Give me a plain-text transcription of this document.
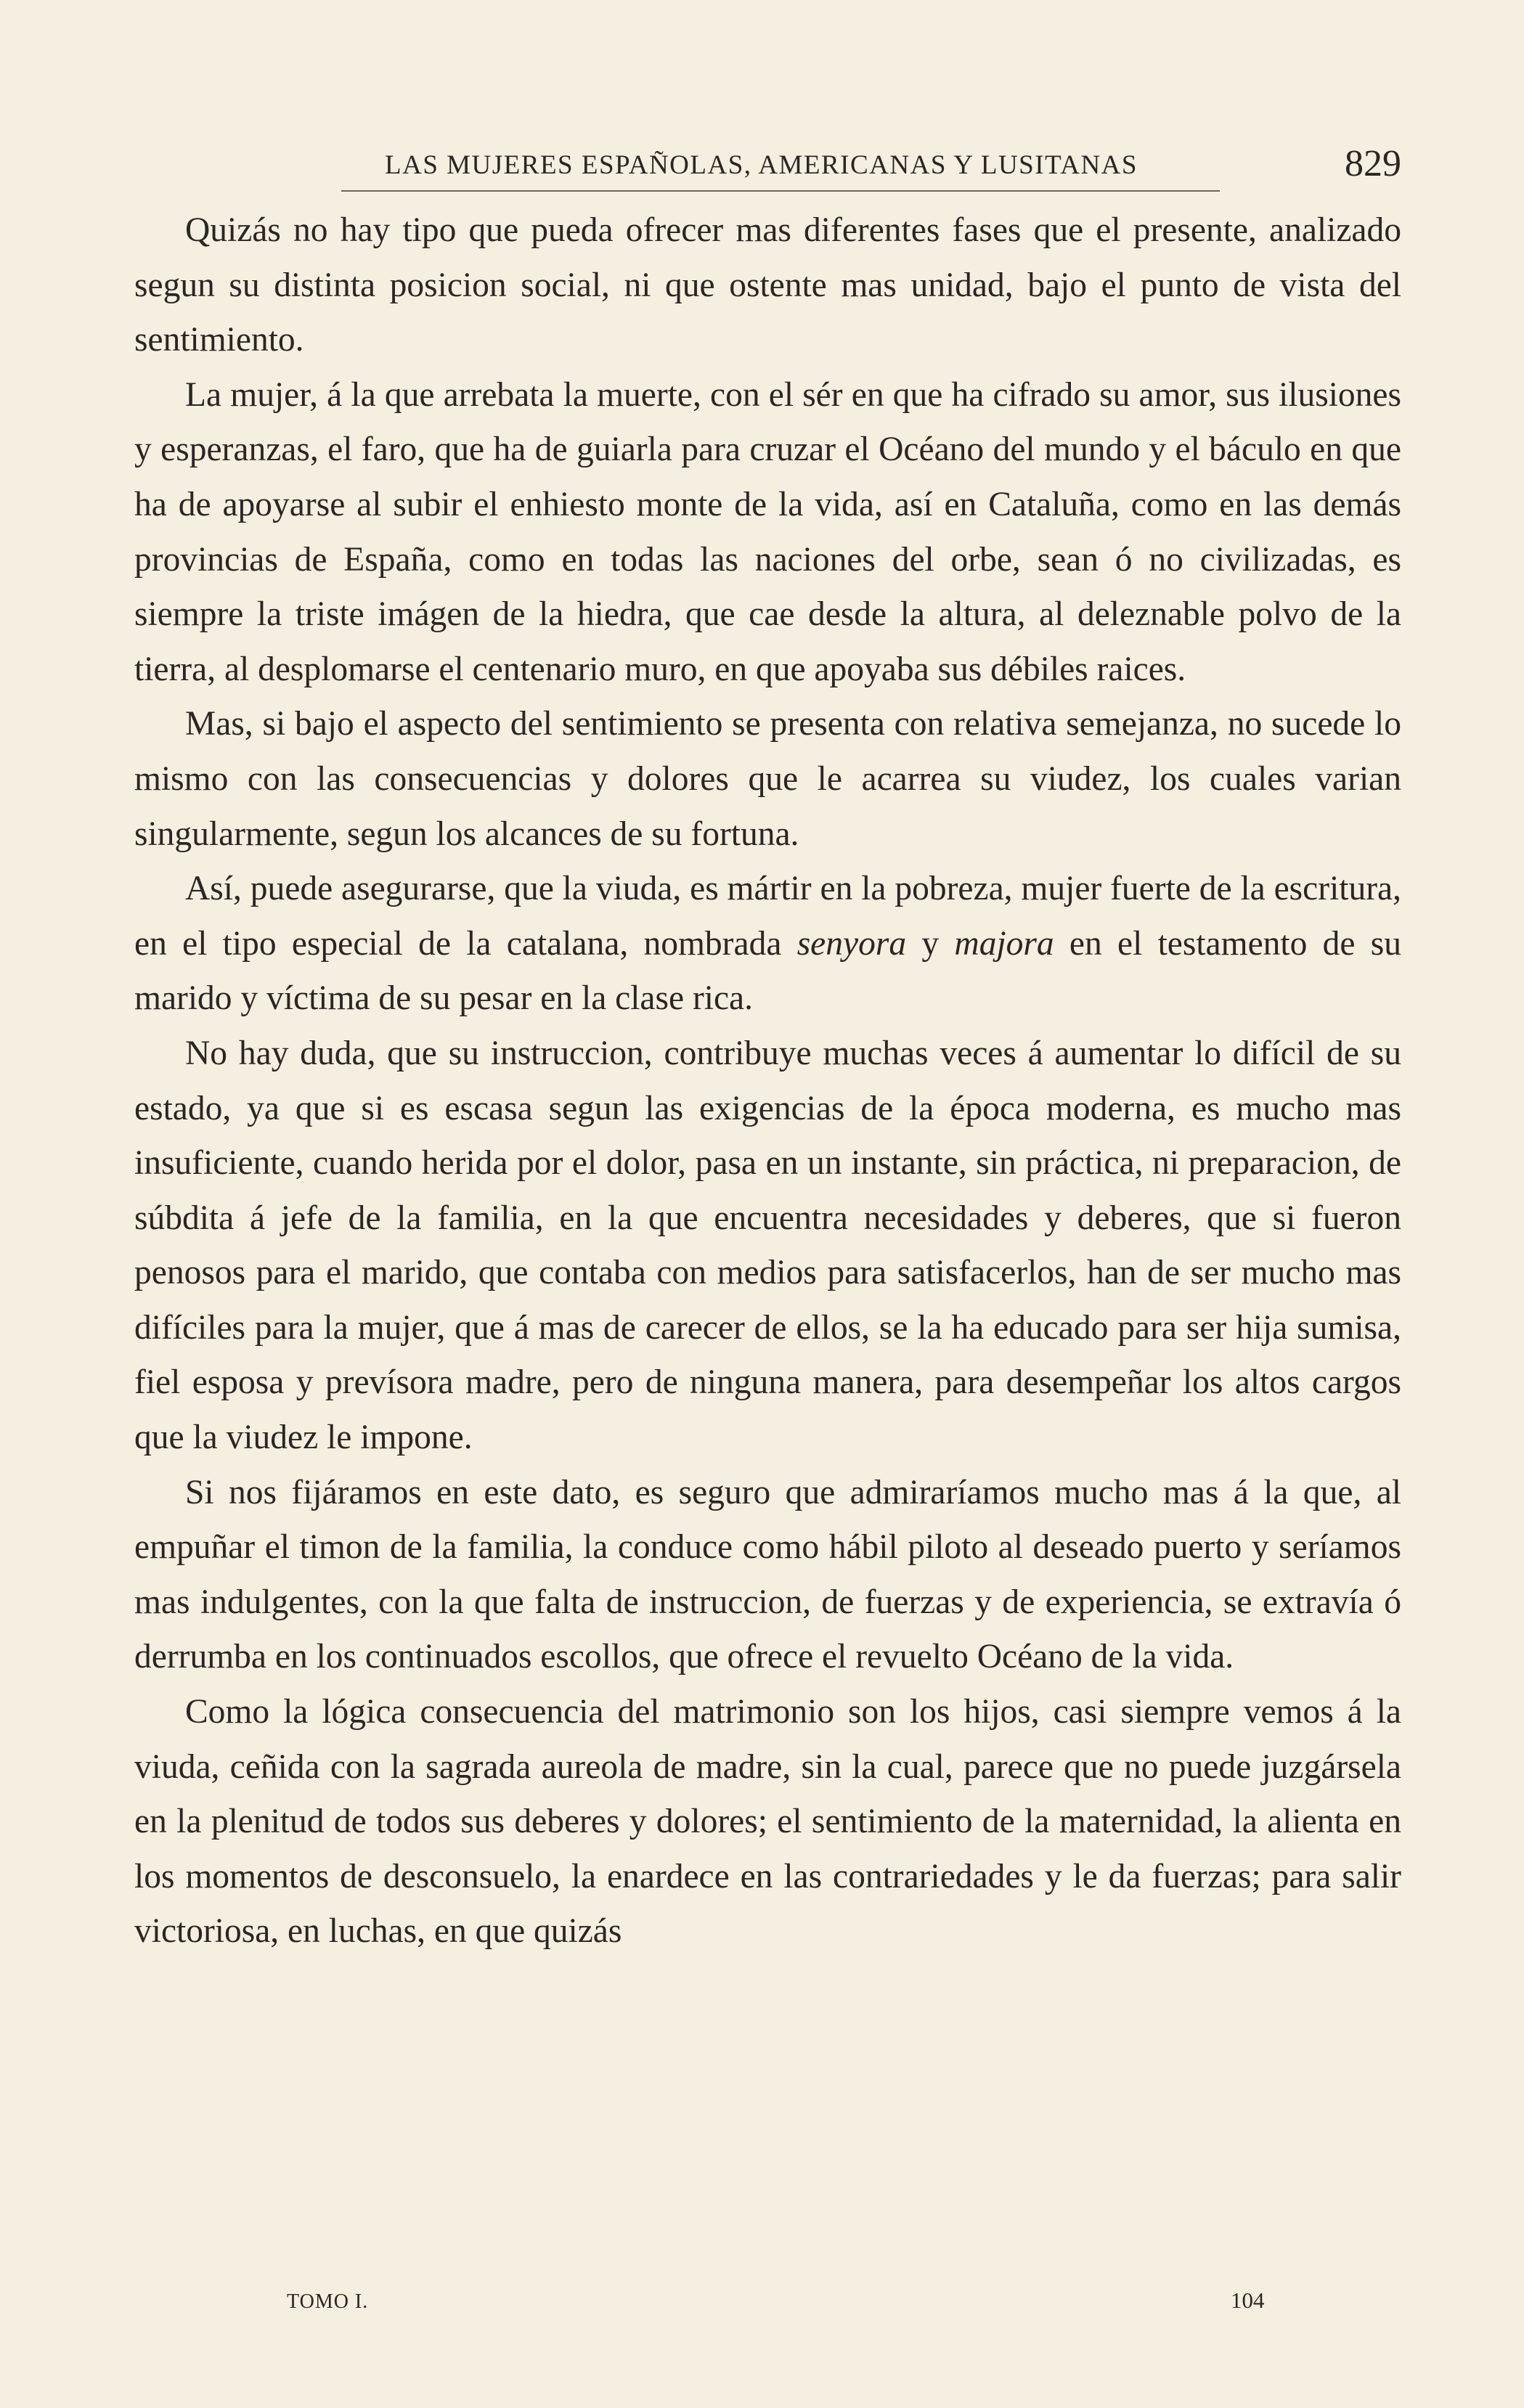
LAS MUJERES ESPAÑOLAS, AMERICANAS Y LUSITANAS	829

Quizás no hay tipo que pueda ofrecer mas diferentes fases que el presente, analizado segun su distinta posicion social, ni que ostente mas unidad, bajo el punto de vista del sentimiento.

La mujer, á la que arrebata la muerte, con el sér en que ha cifrado su amor, sus ilusiones y esperanzas, el faro, que ha de guiarla para cruzar el Océano del mundo y el báculo en que ha de apoyarse al subir el enhiesto monte de la vida, así en Cataluña, como en las demás provincias de España, como en todas las naciones del orbe, sean ó no civilizadas, es siempre la triste imágen de la hiedra, que cae desde la altura, al deleznable polvo de la tierra, al desplomarse el centenario muro, en que apoyaba sus débiles raices.

Mas, si bajo el aspecto del sentimiento se presenta con relativa semejanza, no sucede lo mismo con las consecuencias y dolores que le acarrea su viudez, los cuales varian singularmente, segun los alcances de su fortuna.

Así, puede asegurarse, que la viuda, es mártir en la pobreza, mujer fuerte de la escritura, en el tipo especial de la catalana, nombrada senyora y majora en el testamento de su marido y víctima de su pesar en la clase rica.

No hay duda, que su instruccion, contribuye muchas veces á aumentar lo difícil de su estado, ya que si es escasa segun las exigencias de la época moderna, es mucho mas insuficiente, cuando herida por el dolor, pasa en un instante, sin práctica, ni preparacion, de súbdita á jefe de la familia, en la que encuentra necesidades y deberes, que si fueron penosos para el marido, que contaba con medios para satisfacerlos, han de ser mucho mas difíciles para la mujer, que á mas de carecer de ellos, se la ha educado para ser hija sumisa, fiel esposa y prevísora madre, pero de ninguna manera, para desempeñar los altos cargos que la viudez le impone.

Si nos fijáramos en este dato, es seguro que admiraríamos mucho mas á la que, al empuñar el timon de la familia, la conduce como hábil piloto al deseado puerto y seríamos mas indulgentes, con la que falta de instruccion, de fuerzas y de experiencia, se extravía ó derrumba en los continuados escollos, que ofrece el revuelto Océano de la vida.

Como la lógica consecuencia del matrimonio son los hijos, casi siempre vemos á la viuda, ceñida con la sagrada aureola de madre, sin la cual, parece que no puede juzgársela en la plenitud de todos sus deberes y dolores; el sentimiento de la maternidad, la alienta en los momentos de desconsuelo, la enardece en las contrariedades y le da fuerzas; para salir victoriosa, en luchas, en que quizás

TOMO I.	104
